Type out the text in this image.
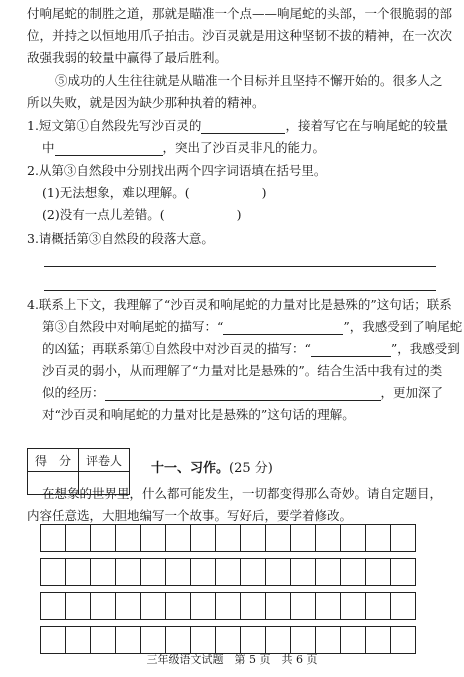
付响尾蛇的制胜之道，那就是瞄准一个点——响尾蛇的头部，一个很脆弱的部
位，并持之以恒地用爪子拍击。沙百灵就是用这种坚韧不拔的精神，在一次次
敌强我弱的较量中赢得了最后胜利。
⑤成功的人生往往就是从瞄准一个目标并且坚持不懈开始的。很多人之
所以失败，就是因为缺少那种执着的精神。
1.短文第①自然段先写沙百灵的	，接着写它在与响尾蛇的较量
中	，突出了沙百灵非凡的能力。
2.从第③自然段中分别找出两个四字词语填在括号里。
(1)无法想象，难以理解。(	)
(2)没有一点儿差错。(	)
3.请概括第③自然段的段落大意。
4.联系上下文，我理解了“沙百灵和响尾蛇的力量对比是悬殊的”这句话；联系
第③自然段中对响尾蛇的描写：“	”，我感受到了响尾蛇
的凶猛；再联系第①自然段中对沙百灵的描写：“	”，我感受到
沙百灵的弱小，从而理解了“力量对比是悬殊的”。结合生活中我有过的类
似的经历：	，更加深了
对“沙百灵和响尾蛇的力量对比是悬殊的”这句话的理解。
得　分	评卷人

十一、习作。(25 分)
在想象的世界里，什么都可能发生，一切都变得那么奇妙。请自定题目，
内容任意选，大胆地编写一个故事。写好后，要学着修改。

三年级语文试题　第 5 页　共 6 页
